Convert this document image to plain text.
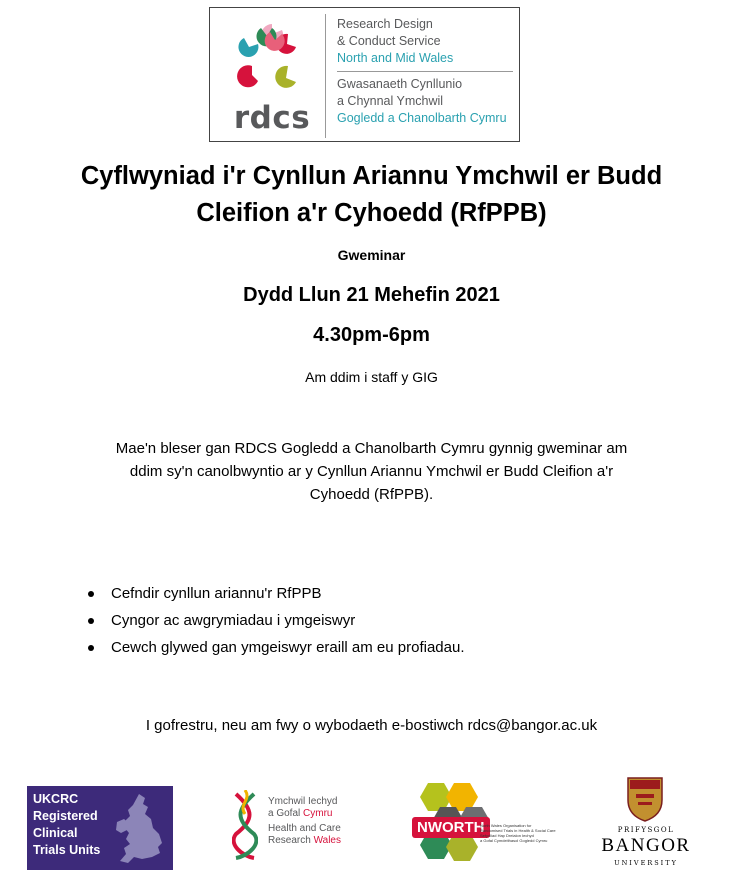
rdcs
Research Design
& Conduct Service
North and Mid Wales
Gwasanaeth Cynllunio
a Chynnal Ymchwil
Gogledd a Chanolbarth Cymru
Cyflwyniad i'r Cynllun Ariannu Ymchwil er Budd
Cleifion a'r Cyhoedd (RfPPB)
Gweminar
Dydd Llun 21 Mehefin 2021
4.30pm-6pm
Am ddim i staff y GIG
Mae'n bleser gan RDCS Gogledd a Chanolbarth Cymru gynnig gweminar am
ddim sy'n canolbwyntio ar y Cynllun Ariannu Ymchwil er Budd Cleifion a'r
Cyhoedd (RfPPB).
Cefndir cynllun ariannu'r RfPPB
Cyngor ac awgrymiadau i ymgeiswyr
Cewch glywed gan ymgeiswyr eraill am eu profiadau.
I gofrestru, neu am fwy o wybodaeth e-bostiwch rdcs@bangor.ac.uk
UKCRC
Registered
Clinical
Trials Units
Ymchwil Iechyd
a Gofal Cymru
Health and Care
Research Wales
NWORTH
North Wales Organisation for
Randomised Trials in Health & Social Care
Sefydliad Hap Dreialon Iechyd
a Gofal Cymdeithasol Gogledd Cymru
PRIFYSGOL
BANGOR
UNIVERSITY
